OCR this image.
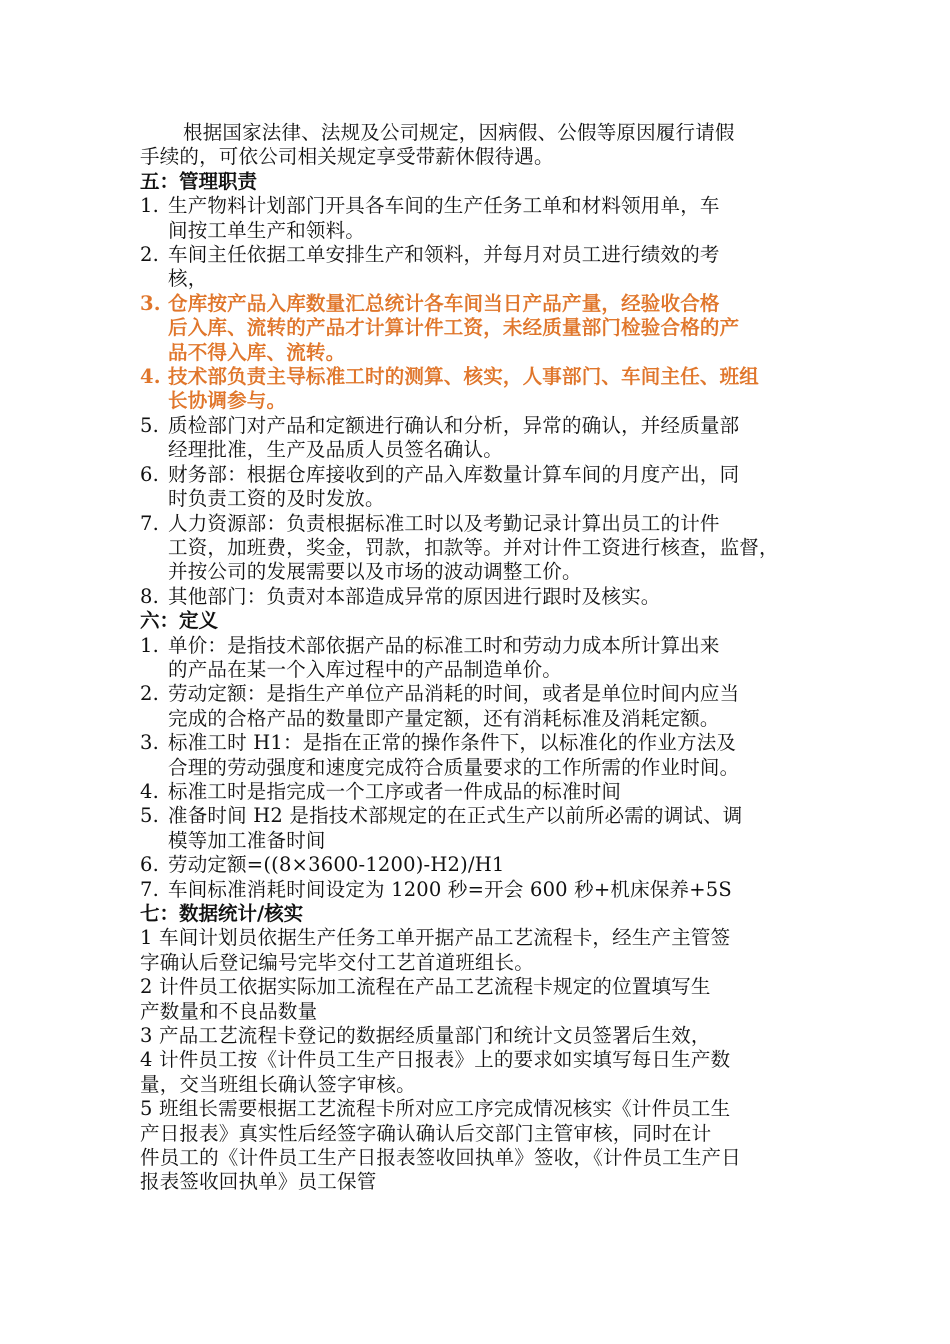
根据国家法律、法规及公司规定，因病假、公假等原因履行请假
手续的，可依公司相关规定享受带薪休假待遇。
五：管理职责
1. 生产物料计划部门开具各车间的生产任务工单和材料领用单，车
间按工单生产和领料。
2. 车间主任依据工单安排生产和领料，并每月对员工进行绩效的考
核，
3. 仓库按产品入库数量汇总统计各车间当日产品产量，经验收合格
后入库、流转的产品才计算计件工资，未经质量部门检验合格的产
品不得入库、流转。
4. 技术部负责主导标准工时的测算、核实，人事部门、车间主任、班组
长协调参与。
5. 质检部门对产品和定额进行确认和分析，异常的确认，并经质量部
经理批准，生产及品质人员签名确认。
6. 财务部：根据仓库接收到的产品入库数量计算车间的月度产出，同
时负责工资的及时发放。
7. 人力资源部：负责根据标准工时以及考勤记录计算出员工的计件
工资，加班费，奖金，罚款，扣款等。并对计件工资进行核查，监督，
并按公司的发展需要以及市场的波动调整工价。
8. 其他部门：负责对本部造成异常的原因进行跟时及核实。
六：定义
1. 单价：是指技术部依据产品的标准工时和劳动力成本所计算出来
的产品在某一个入库过程中的产品制造单价。
2. 劳动定额：是指生产单位产品消耗的时间，或者是单位时间内应当
完成的合格产品的数量即产量定额，还有消耗标准及消耗定额。
3. 标准工时 H1：是指在正常的操作条件下，以标准化的作业方法及
合理的劳动强度和速度完成符合质量要求的工作所需的作业时间。
4. 标准工时是指完成一个工序或者一件成品的标准时间
5. 准备时间 H2 是指技术部规定的在正式生产以前所必需的调试、调
模等加工准备时间
6. 劳动定额=((8×3600-1200)-H2)/H1
7. 车间标准消耗时间设定为 1200 秒=开会 600 秒+机床保养+5S
七：数据统计/核实
1 车间计划员依据生产任务工单开据产品工艺流程卡，经生产主管签
字确认后登记编号完毕交付工艺首道班组长。
2 计件员工依据实际加工流程在产品工艺流程卡规定的位置填写生
产数量和不良品数量
3 产品工艺流程卡登记的数据经质量部门和统计文员签署后生效，
4 计件员工按《计件员工生产日报表》上的要求如实填写每日生产数
量，交当班组长确认签字审核。
5 班组长需要根据工艺流程卡所对应工序完成情况核实《计件员工生
产日报表》真实性后经签字确认确认后交部门主管审核，同时在计
件员工的《计件员工生产日报表签收回执单》签收，《计件员工生产日
报表签收回执单》员工保管
